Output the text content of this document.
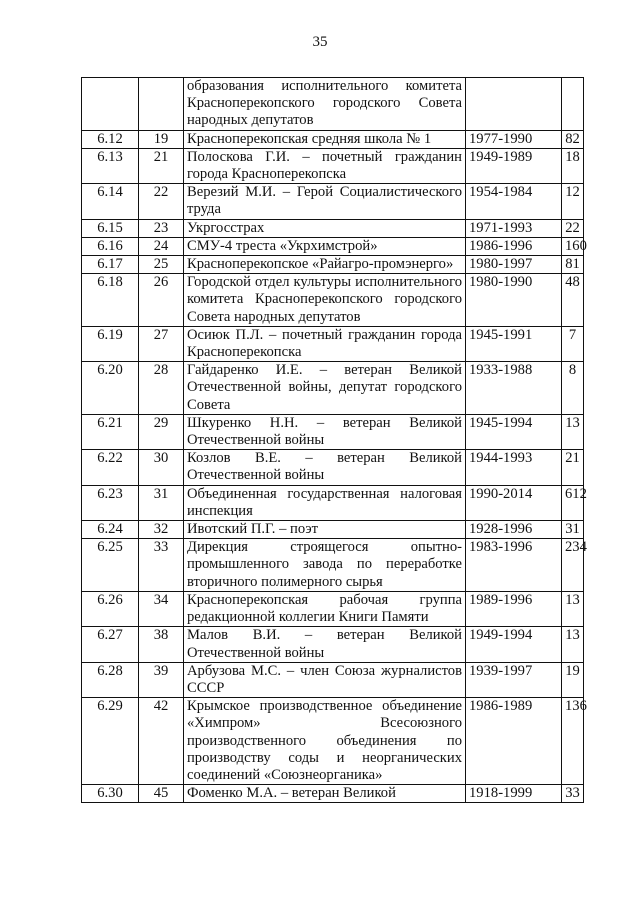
35

		образования исполнительного комитета
Красноперекопского городского Совета
народных депутатов		

6.12	19	Красноперекопская средняя школа № 1	1977-1990	82
6.13	21	Полоскова Г.И. – почетный гражданин города Красноперекопска	1949-1989	18
6.14	22	Верезий М.И. – Герой Социалистического труда	1954-1984	12
6.15	23	Укргосстрах	1971-1993	22
6.16	24	СМУ-4 треста «Укрхимстрой»	1986-1996	160
6.17	25	Красноперекопское «Райагро-промэнерго»	1980-1997	81
6.18	26	Городской отдел культуры исполнительного комитета Красноперекопского городского Совета народных депутатов	1980-1990	48
6.19	27	Осиюк П.Л. – почетный гражданин города Красноперекопска	1945-1991	7
6.20	28	Гайдаренко И.Е. – ветеран Великой Отечественной войны, депутат городского Совета	1933-1988	8
6.21	29	Шкуренко Н.Н. – ветеран Великой Отечественной войны	1945-1994	13
6.22	30	Козлов В.Е. – ветеран Великой Отечественной войны	1944-1993	21
6.23	31	Объединенная государственная налоговая инспекция	1990-2014	612
6.24	32	Ивотский П.Г. – поэт	1928-1996	31
6.25	33	Дирекция строящегося опытно-промышленного завода по переработке вторичного полимерного сырья	1983-1996	234
6.26	34	Красноперекопская рабочая группа редакционной коллегии Книги Памяти	1989-1996	13
6.27	38	Малов В.И. – ветеран Великой Отечественной войны	1949-1994	13
6.28	39	Арбузова М.С. – член Союза журналистов СССР	1939-1997	19
6.29	42	Крымское производственное объединение «Химпром» Всесоюзного производственного объединения по производству соды и неорганических соединений «Союзнеорганика»	1986-1989	136
6.30	45	Фоменко М.А. – ветеран Великой	1918-1999	33
